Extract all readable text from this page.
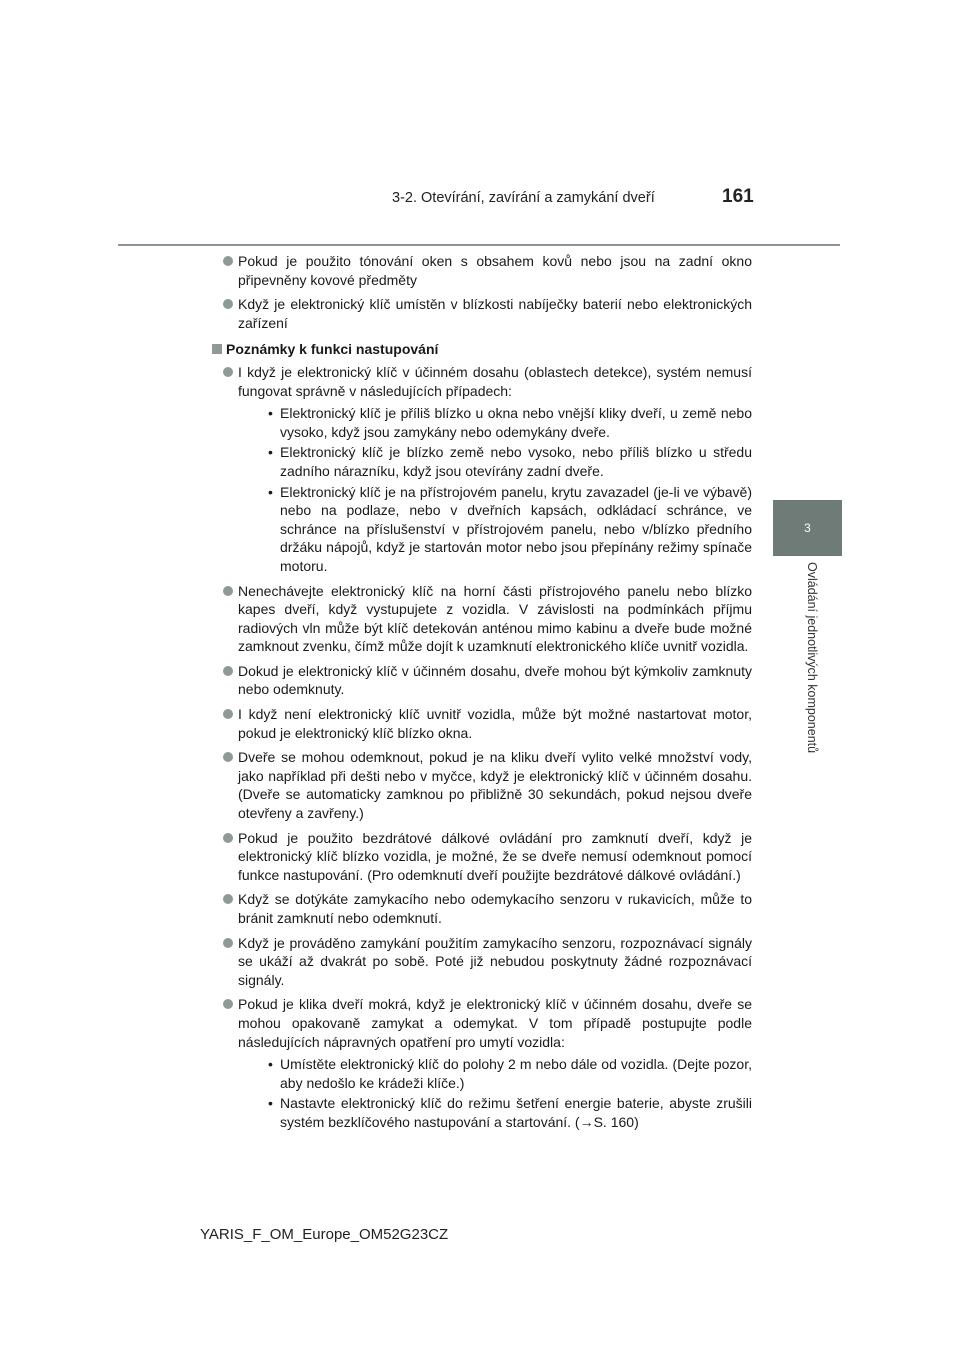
3-2. Otevírání, zavírání a zamykání dveří	161
3
Ovládání jednotlivých komponentů
Pokud je použito tónování oken s obsahem kovů nebo jsou na zadní okno připevněny kovové předměty
Když je elektronický klíč umístěn v blízkosti nabíječky baterií nebo elektronických zařízení
Poznámky k funkci nastupování
I když je elektronický klíč v účinném dosahu (oblastech detekce), systém nemusí fungovat správně v následujících případech:
• Elektronický klíč je příliš blízko u okna nebo vnější kliky dveří, u země nebo vysoko, když jsou zamykány nebo odemykány dveře.
• Elektronický klíč je blízko země nebo vysoko, nebo příliš blízko u středu zadního nárazníku, když jsou otevírány zadní dveře.
• Elektronický klíč je na přístrojovém panelu, krytu zavazadel (je-li ve výbavě) nebo na podlaze, nebo v dveřních kapsách, odkládací schránce, ve schránce na příslušenství v přístrojovém panelu, nebo v/blízko předního držáku nápojů, když je startován motor nebo jsou přepínány režimy spínače motoru.
Nenechávejte elektronický klíč na horní části přístrojového panelu nebo blízko kapes dveří, když vystupujete z vozidla. V závislosti na podmínkách příjmu radiových vln může být klíč detekován anténou mimo kabinu a dveře bude možné zamknout zvenku, čímž může dojít k uzamknutí elektronického klíče uvnitř vozidla.
Dokud je elektronický klíč v účinném dosahu, dveře mohou být kýmkoliv zamknuty nebo odemknuty.
I když není elektronický klíč uvnitř vozidla, může být možné nastartovat motor, pokud je elektronický klíč blízko okna.
Dveře se mohou odemknout, pokud je na kliku dveří vylito velké množství vody, jako například při dešti nebo v myčce, když je elektronický klíč v účinném dosahu. (Dveře se automaticky zamknou po přibližně 30 sekundách, pokud nejsou dveře otevřeny a zavřeny.)
Pokud je použito bezdrátové dálkové ovládání pro zamknutí dveří, když je elektronický klíč blízko vozidla, je možné, že se dveře nemusí odemknout pomocí funkce nastupování. (Pro odemknutí dveří použijte bezdrátové dálkové ovládání.)
Když se dotýkáte zamykacího nebo odemykacího senzoru v rukavicích, může to bránit zamknutí nebo odemknutí.
Když je prováděno zamykání použitím zamykacího senzoru, rozpoznávací signály se ukáží až dvakrát po sobě. Poté již nebudou poskytnuty žádné rozpoznávací signály.
Pokud je klika dveří mokrá, když je elektronický klíč v účinném dosahu, dveře se mohou opakovaně zamykat a odemykat. V tom případě postupujte podle následujících nápravných opatření pro umytí vozidla:
• Umístěte elektronický klíč do polohy 2 m nebo dále od vozidla. (Dejte pozor, aby nedošlo ke krádeži klíče.)
• Nastavte elektronický klíč do režimu šetření energie baterie, abyste zrušili systém bezklíčového nastupování a startování. (→S. 160)
YARIS_F_OM_Europe_OM52G23CZ
